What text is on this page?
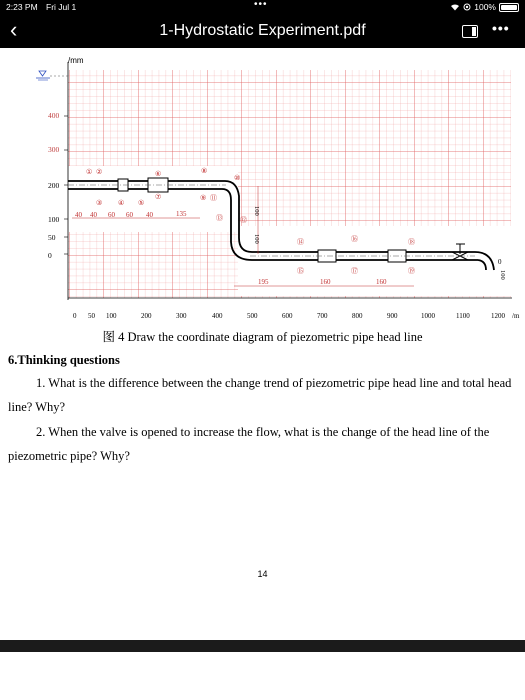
2:23 PM Fri Jul 1	•••	100%
‹	1-Hydrostatic Experiment.pdf	•••
/mm
400
300
200
100
50
0
0 50 100	200	300	400	500	600	700	800	900	1000	1100	1200 /m
0
① ②
③ ④ ⑤
⑥
⑦
⑧
⑨
⑩
⑪
⑫
⑬
⑭
⑮
⑯
⑰
⑱
⑲
40 40 60 60 40	135
195	160	160
100
100
100
图 4 Draw the coordinate diagram of piezometric pipe head line
6.Thinking questions
1. What is the difference between the change trend of piezometric pipe head line and total head line? Why?
2. When the valve is opened to increase the flow, what is the change of the head line of the piezometric pipe? Why?
14
